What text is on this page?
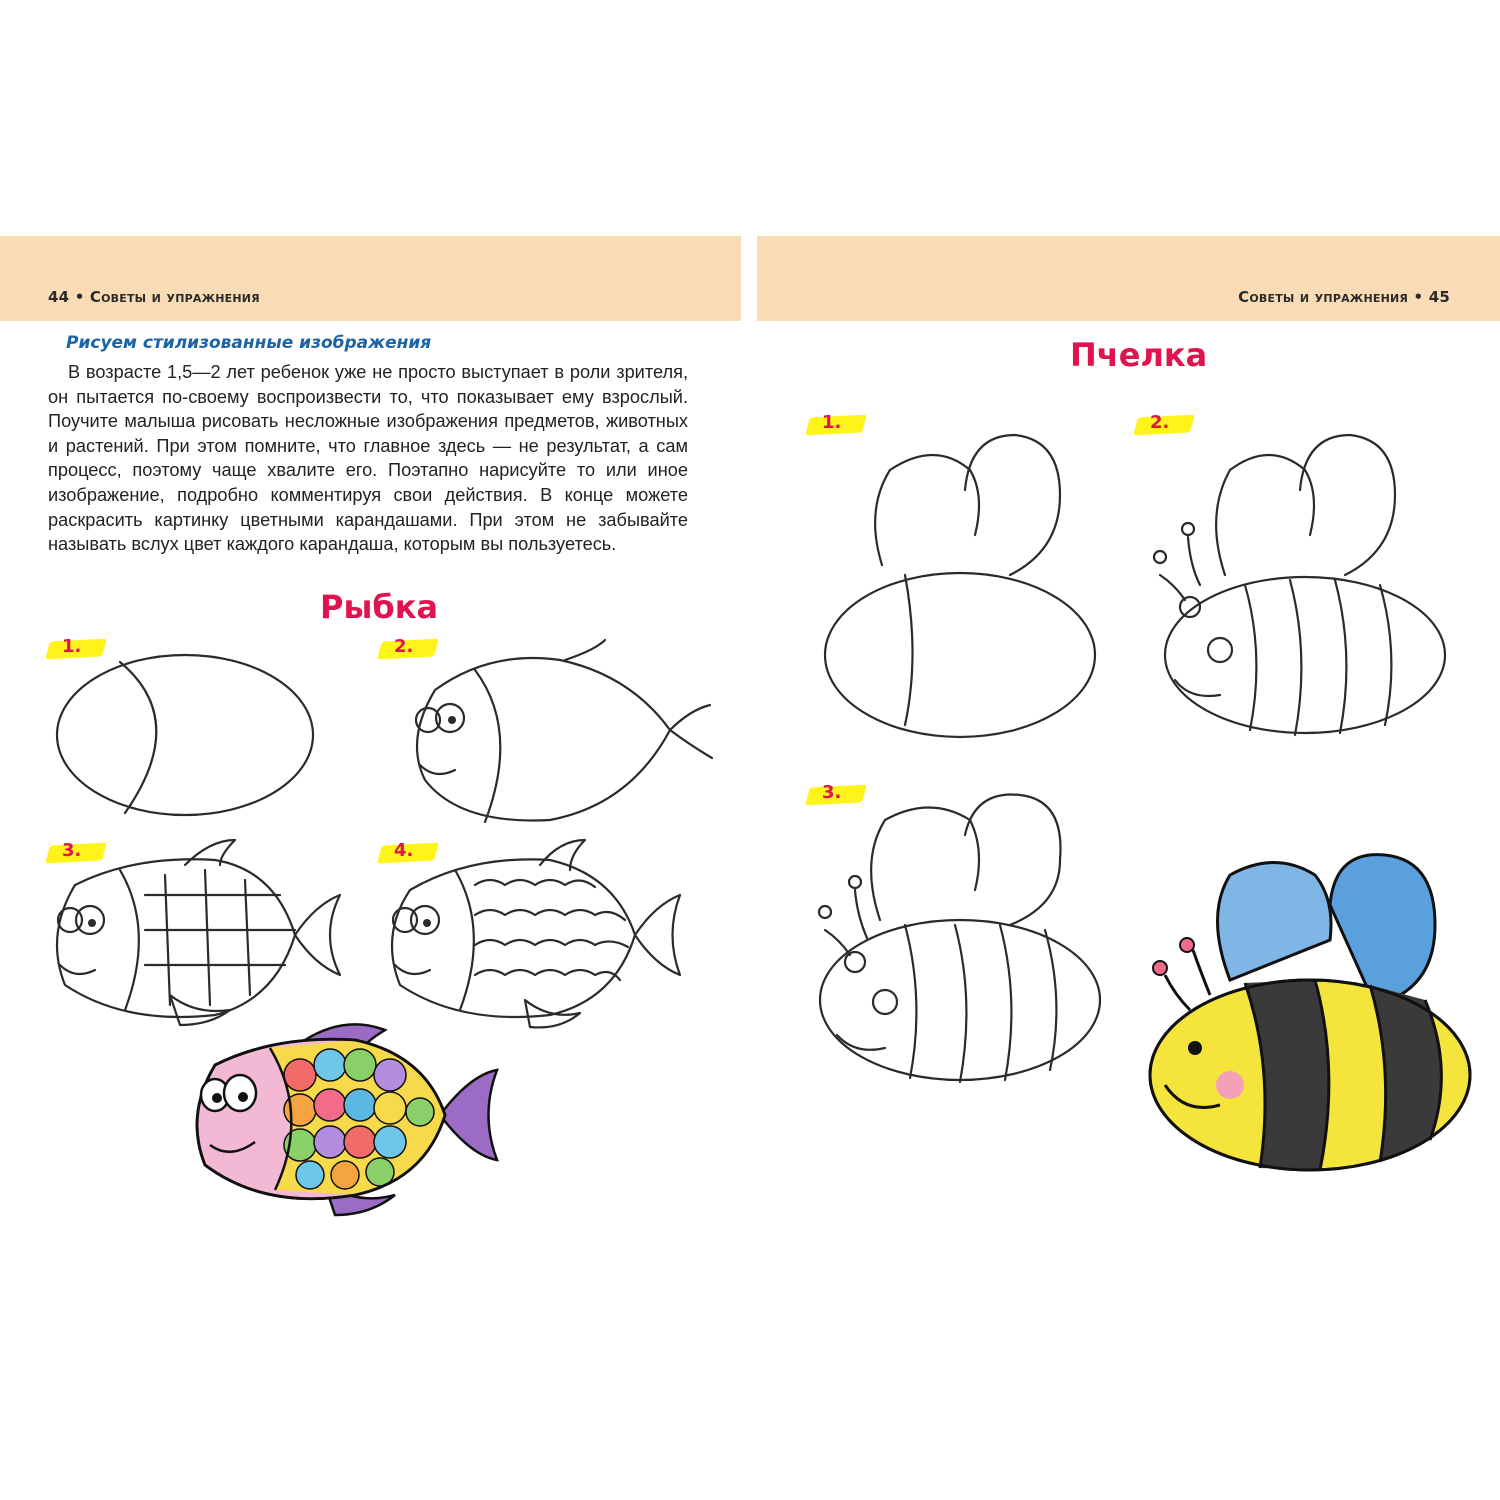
44 • Советы и упражнения	Советы и упражнения • 45
Рисуем стилизованные изображения
В возрасте 1,5—2 лет ребенок уже не просто выступает в роли зрителя, он пытается по-своему воспроизвести то, что показывает ему взрослый. Поучите малыша рисовать несложные изображения предметов, животных и растений. При этом помните, что главное здесь — не результат, а сам процесс, поэтому чаще хвалите его. Поэтапно нарисуйте то или иное изображение, подробно комментируя свои действия. В конце можете раскрасить картинку цветными карандашами. При этом не забывайте называть вслух цвет каждого карандаша, которым вы пользуетесь.
Рыбка
Пчелка
1.	2.
3.	4.
1.	2.
3.
